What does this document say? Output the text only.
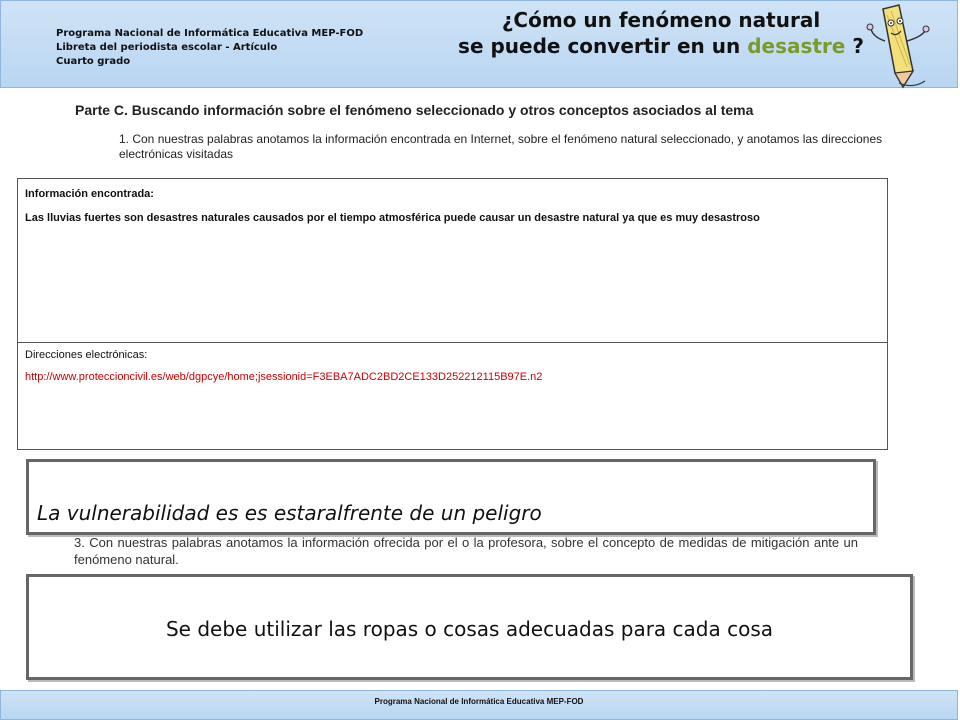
Programa Nacional de Informática Educativa MEP-FOD
Libreta del periodista escolar - Artículo
Cuarto grado
¿Cómo un fenómeno natural
se puede convertir en un desastre ?
Parte C. Buscando información sobre el fenómeno seleccionado y otros conceptos asociados al tema
1. Con nuestras palabras anotamos la información encontrada en Internet, sobre el fenómeno natural seleccionado, y anotamos las direcciones electrónicas visitadas
Información encontrada:
Las lluvias fuertes son desastres naturales causados por el tiempo atmosférica puede causar un desastre natural ya que es muy desastroso
Direcciones electrónicas:
http://www.proteccioncivil.es/web/dgpcye/home;jsessionid=F3EBA7ADC2BD2CE133D252212115B97E.n2
La vulnerabilidad es es estaralfrente de un peligro
3. Con nuestras palabras anotamos la información ofrecida por el o la profesora, sobre el concepto de medidas de mitigación ante un fenómeno natural.
Se debe utilizar las ropas o cosas adecuadas para cada cosa
Programa Nacional de Informática Educativa MEP-FOD
